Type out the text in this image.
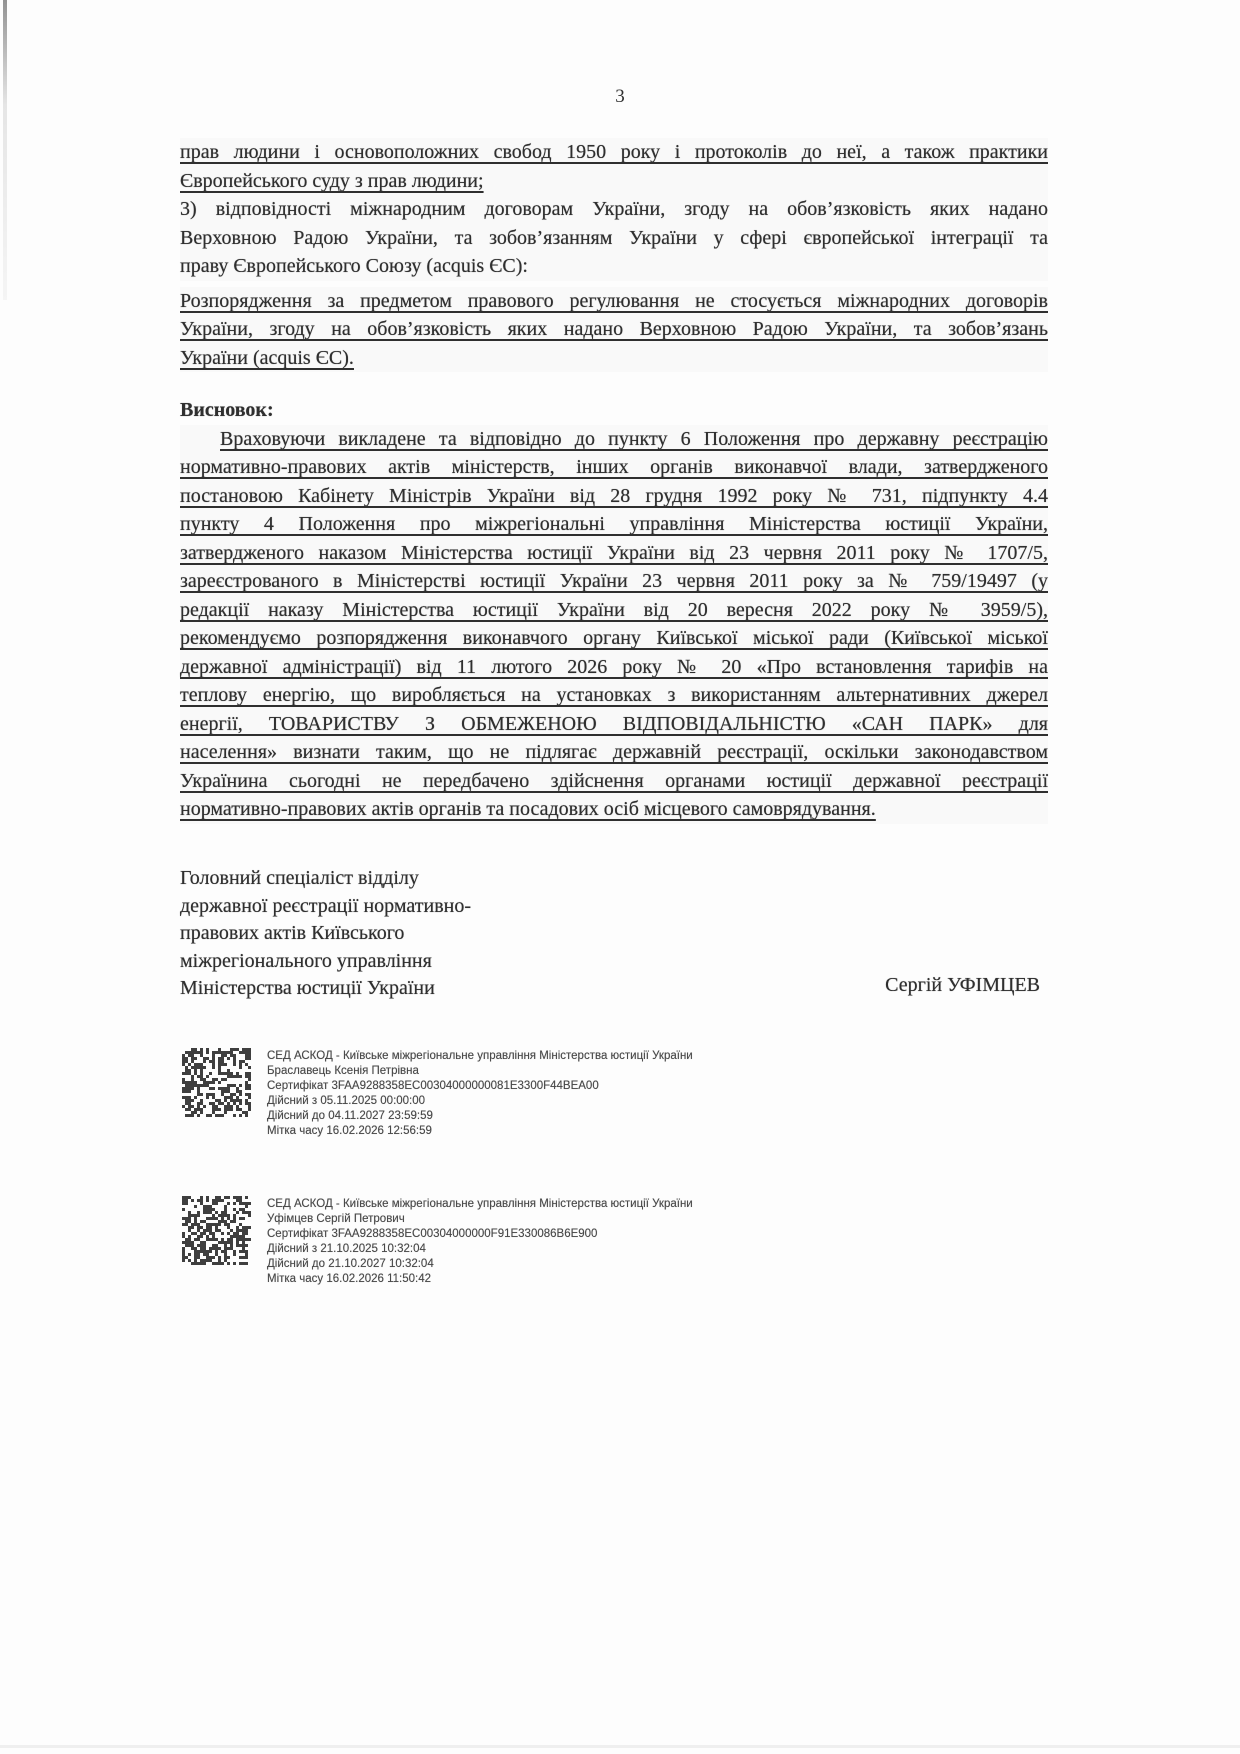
3
прав людини і основоположних свобод 1950 року і протоколів до неї, а також практики
Європейського суду з прав людини;
3) відповідності міжнародним договорам України, згоду на обов’язковість яких надано
Верховною Радою України, та зобов’язанням України у сфері європейської інтеграції та
праву Європейського Союзу (acquis ЄС):
Розпорядження за предметом правового регулювання не стосується міжнародних договорів
України, згоду на обов’язковість яких надано Верховною Радою України, та зобов’язань
України (acquis ЄС).
Висновок:
Враховуючи викладене та відповідно до пункту 6 Положення про державну реєстрацію
нормативно-правових актів міністерств, інших органів виконавчої влади, затвердженого
постановою Кабінету Міністрів України від 28 грудня 1992 року № 731, підпункту 4.4
пункту 4 Положення про міжрегіональні управління Міністерства юстиції України,
затвердженого наказом Міністерства юстиції України від 23 червня 2011 року № 1707/5,
зареєстрованого в Міністерстві юстиції України 23 червня 2011 року за № 759/19497 (у
редакції наказу Міністерства юстиції України від 20 вересня 2022 року № 3959/5),
рекомендуємо розпорядження виконавчого органу Київської міської ради (Київської міської
державної адміністрації) від 11 лютого 2026 року № 20 «Про встановлення тарифів на
теплову енергію, що виробляється на установках з використанням альтернативних джерел
енергії, ТОВАРИСТВУ З ОБМЕЖЕНОЮ ВІДПОВІДАЛЬНІСТЮ «САН ПАРК» для
населення» визнати таким, що не підлягає державній реєстрації, оскільки законодавством
Українина сьогодні не передбачено здійснення органами юстиції державної реєстрації
нормативно-правових актів органів та посадових осіб місцевого самоврядування.
Головний спеціаліст відділу
державної реєстрації нормативно-
правових актів Київського
міжрегіонального управління
Міністерства юстиції України	Сергій УФІМЦЕВ
СЕД АСКОД - Київське міжрегіональне управління Міністерства юстиції України
Браславець Ксенія Петрівна
Сертифікат 3FAA9288358EC00304000000081E3300F44BEA00
Дійсний з 05.11.2025 00:00:00
Дійсний до 04.11.2027 23:59:59
Мітка часу 16.02.2026 12:56:59
СЕД АСКОД - Київське міжрегіональне управління Міністерства юстиції України
Уфімцев Сергій Петрович
Сертифікат 3FAA9288358EC00304000000F91E330086B6E900
Дійсний з 21.10.2025 10:32:04
Дійсний до 21.10.2027 10:32:04
Мітка часу 16.02.2026 11:50:42
